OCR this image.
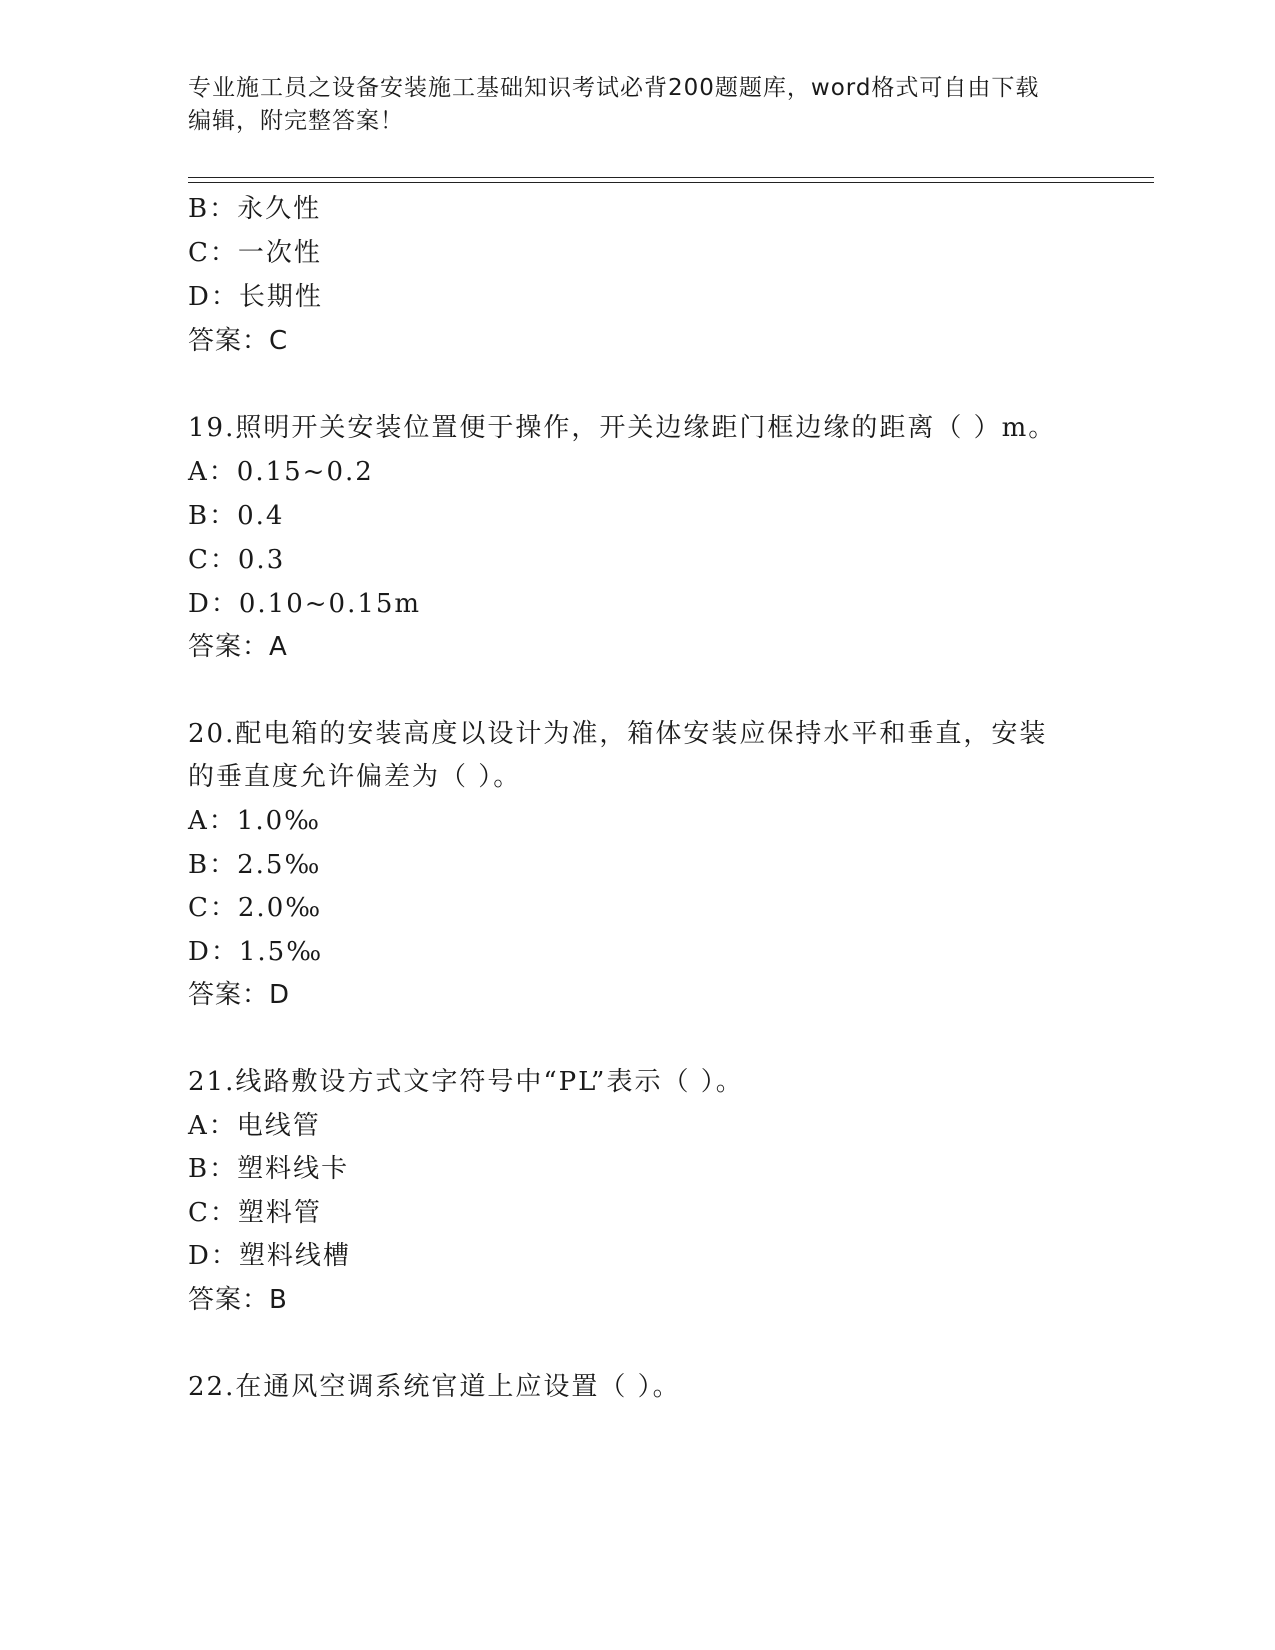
专业施工员之设备安装施工基础知识考试必背200题题库，word格式可自由下载
编辑，附完整答案！
B：永久性
C：一次性
D：长期性
答案：C
19.照明开关安装位置便于操作，开关边缘距门框边缘的距离（ ）m。
A：0.15~0.2
B：0.4
C：0.3
D：0.10~0.15m
答案：A
20.配电箱的安装高度以设计为准，箱体安装应保持水平和垂直，安装
的垂直度允许偏差为（ ）。
A：1.0‰
B：2.5‰
C：2.0‰
D：1.5‰
答案：D
21.线路敷设方式文字符号中“PL”表示（ ）。
A：电线管
B：塑料线卡
C：塑料管
D：塑料线槽
答案：B
22.在通风空调系统官道上应设置（ ）。
